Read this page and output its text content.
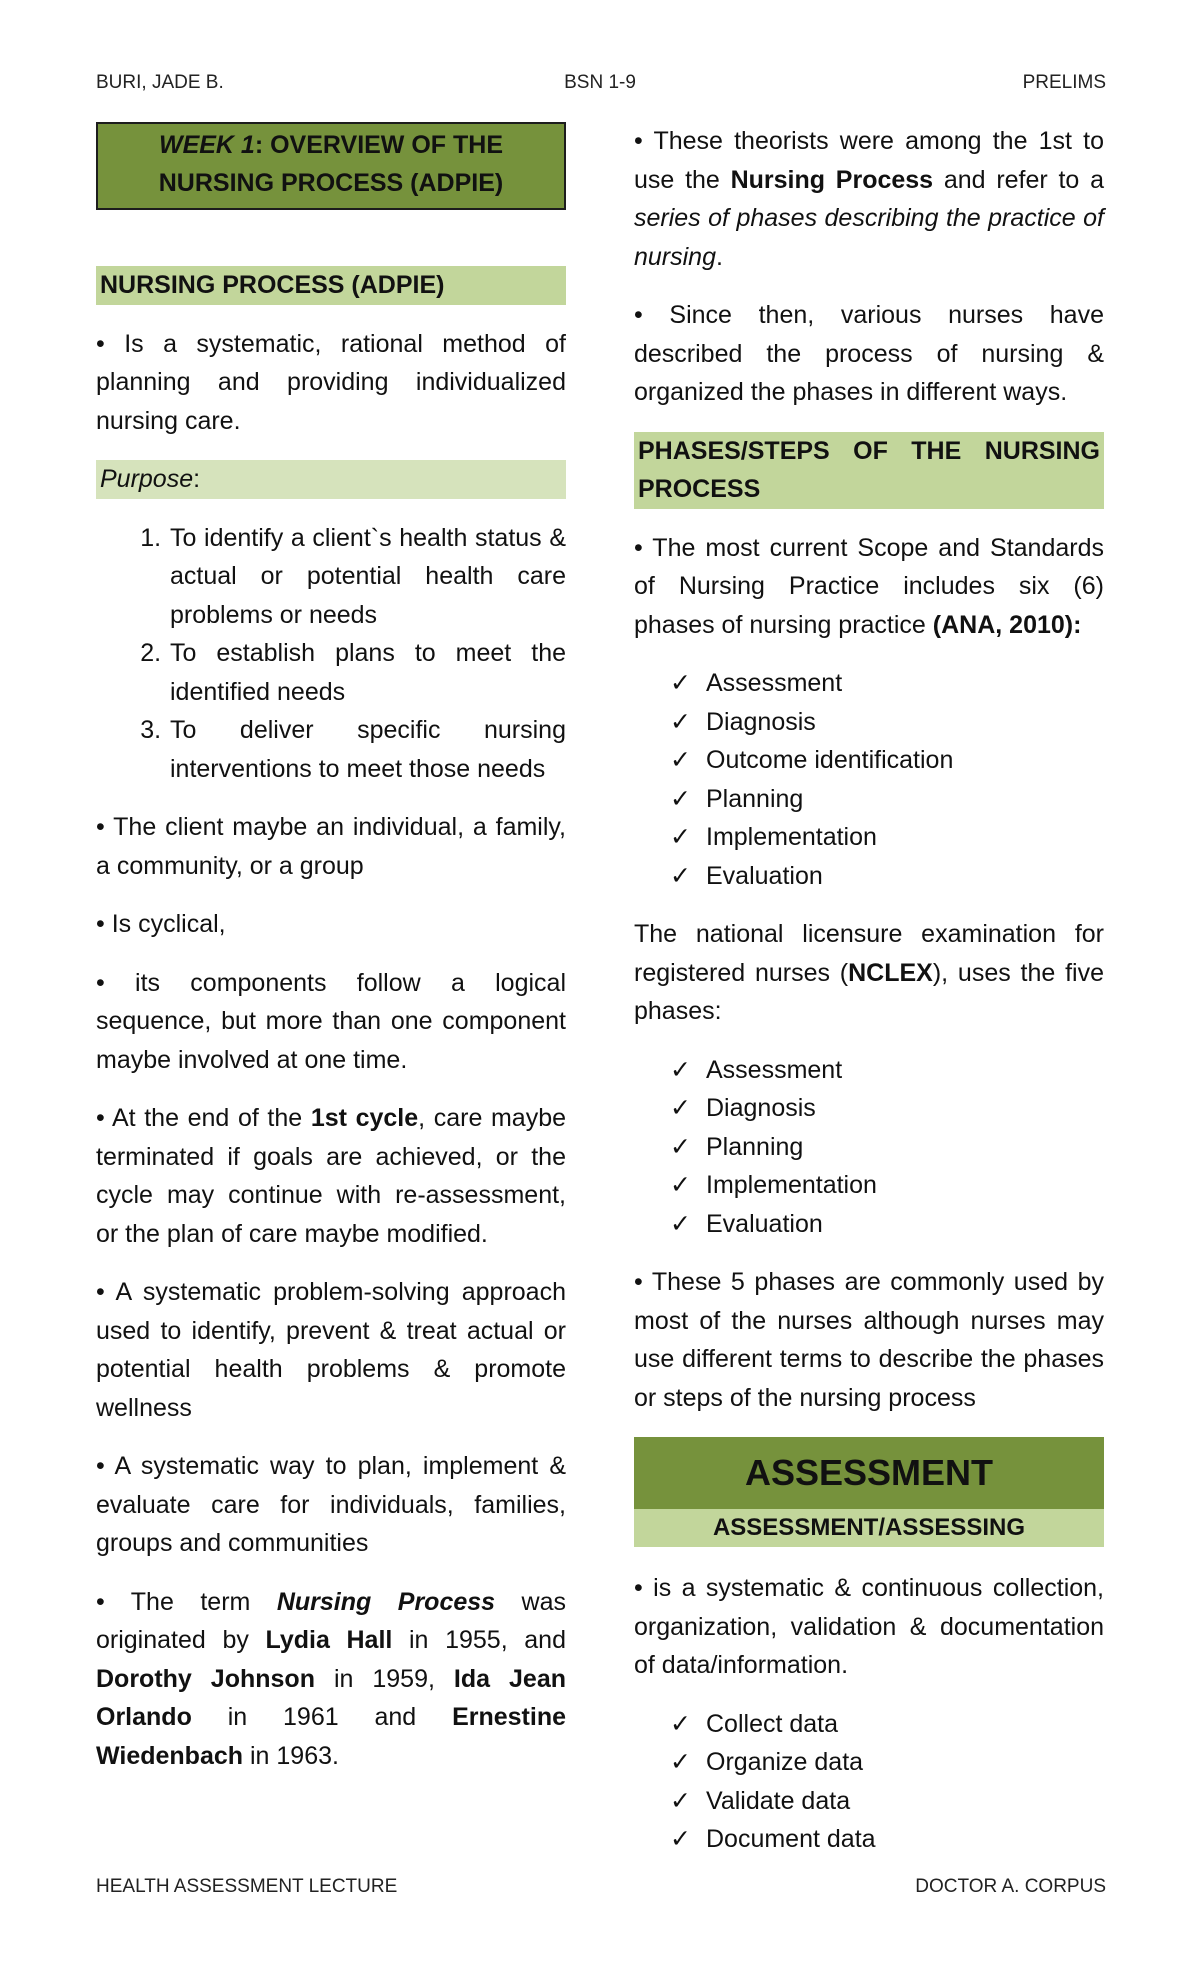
BURI, JADE B.	BSN 1-9	PRELIMS
WEEK 1: OVERVIEW OF THE NURSING PROCESS (ADPIE)
NURSING PROCESS (ADPIE)

• Is a systematic, rational method of planning and providing individualized nursing care.

Purpose:
1. To identify a client`s health status & actual or potential health care problems or needs
2. To establish plans to meet the identified needs
3. To deliver specific nursing interventions to meet those needs

• The client maybe an individual, a family, a community, or a group

• Is cyclical,

• its components follow a logical sequence, but more than one component maybe involved at one time.

• At the end of the 1st cycle, care maybe terminated if goals are achieved, or the cycle may continue with re-assessment, or the plan of care maybe modified.

• A systematic problem-solving approach used to identify, prevent & treat actual or potential health problems & promote wellness

• A systematic way to plan, implement & evaluate care for individuals, families, groups and communities

• The term Nursing Process was originated by Lydia Hall in 1955, and Dorothy Johnson in 1959, Ida Jean Orlando in 1961 and Ernestine Wiedenbach in 1963.

• These theorists were among the 1st to use the Nursing Process and refer to a series of phases describing the practice of nursing.

• Since then, various nurses have described the process of nursing & organized the phases in different ways.

PHASES/STEPS OF THE NURSING PROCESS

• The most current Scope and Standards of Nursing Practice includes six (6) phases of nursing practice (ANA, 2010):

✓ Assessment
✓ Diagnosis
✓ Outcome identification
✓ Planning
✓ Implementation
✓ Evaluation

The national licensure examination for registered nurses (NCLEX), uses the five phases:

✓ Assessment
✓ Diagnosis
✓ Planning
✓ Implementation
✓ Evaluation

• These 5 phases are commonly used by most of the nurses although nurses may use different terms to describe the phases or steps of the nursing process

ASSESSMENT
ASSESSMENT/ASSESSING

• is a systematic & continuous collection, organization, validation & documentation of data/information.

✓ Collect data
✓ Organize data
✓ Validate data
✓ Document data
HEALTH ASSESSMENT LECTURE	DOCTOR A. CORPUS
